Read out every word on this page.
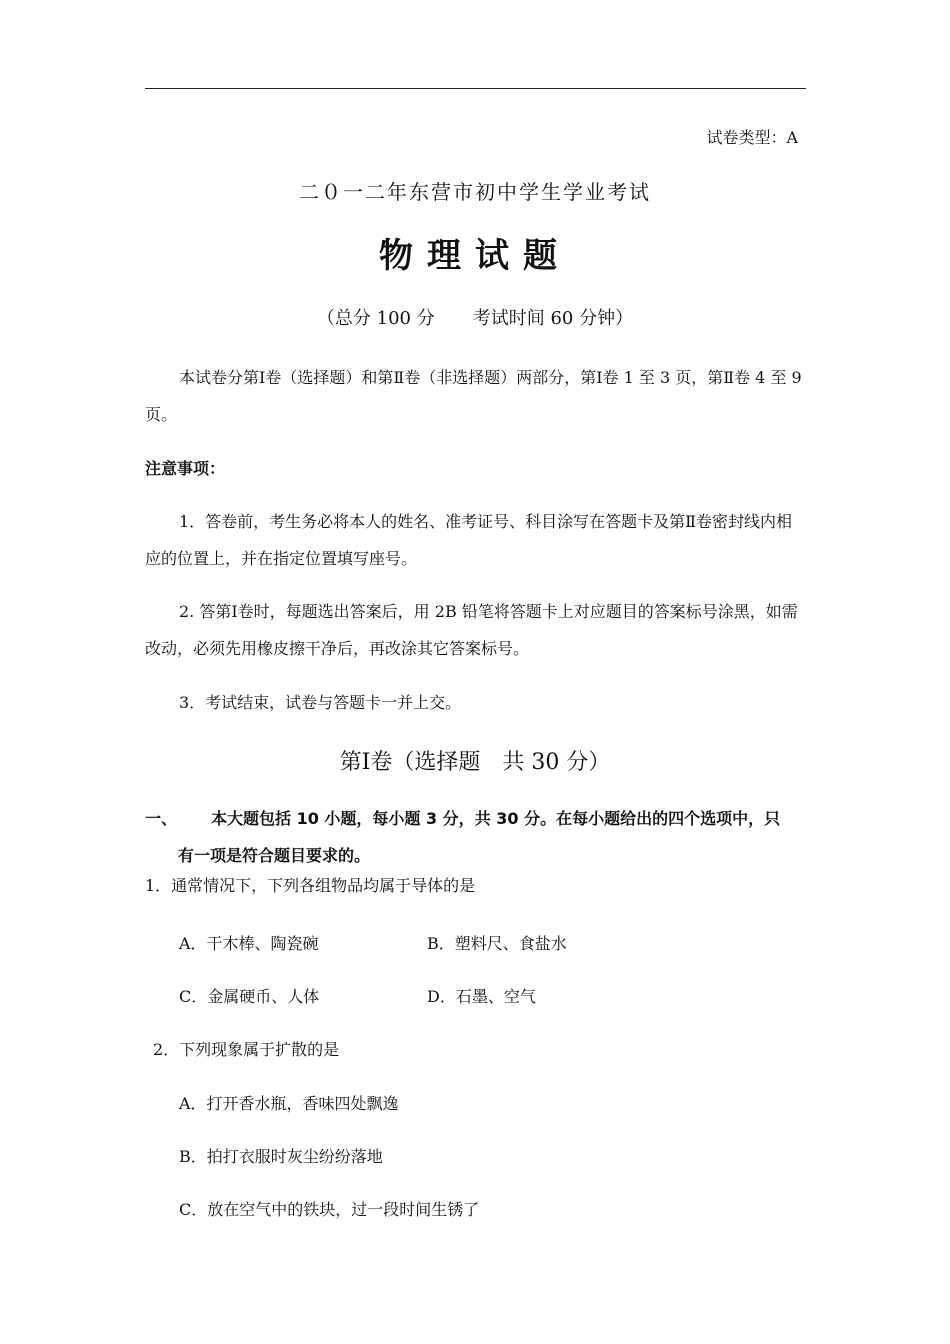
试卷类型：A
二０一二年东营市初中学生学业考试
物理试题
（总分 100 分 考试时间 60 分钟）
本试卷分第Ⅰ卷（选择题）和第Ⅱ卷（非选择题）两部分，第Ⅰ卷 1 至 3 页，第Ⅱ卷 4 至 9 页。
注意事项：
1．答卷前，考生务必将本人的姓名、准考证号、科目涂写在答题卡及第Ⅱ卷密封线内相应的位置上，并在指定位置填写座号。
2. 答第Ⅰ卷时，每题选出答案后，用 2B 铅笔将答题卡上对应题目的答案标号涂黑，如需改动，必须先用橡皮擦干净后，再改涂其它答案标号。
3．考试结束，试卷与答题卡一并上交。
第Ⅰ卷（选择题　共 30 分）
一、	本大题包括 10 小题，每小题 3 分，共 30 分。在每小题给出的四个选项中，只
有一项是符合题目要求的。
1．通常情况下，下列各组物品均属于导体的是
A．干木棒、陶瓷碗	B．塑料尺、食盐水
C．金属硬币、人体	D．石墨、空气
2．下列现象属于扩散的是
A．打开香水瓶，香味四处飘逸
B．拍打衣服时灰尘纷纷落地
C．放在空气中的铁块，过一段时间生锈了
